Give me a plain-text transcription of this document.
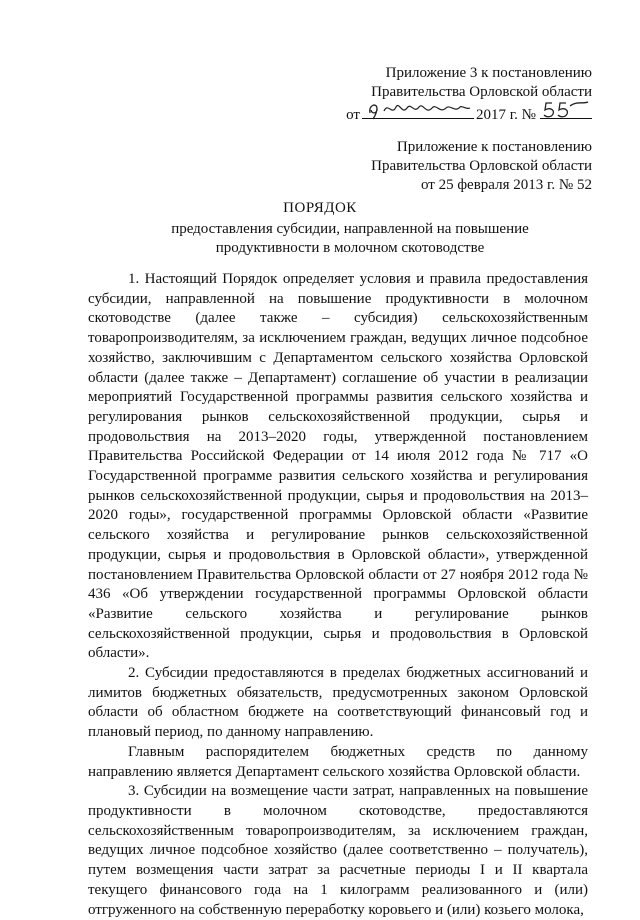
Приложение 3 к постановлению
Правительства Орловской области
от	2017 г. №
Приложение к постановлению
Правительства Орловской области
от 25 февраля 2013 г. № 52
ПОРЯДОК
предоставления субсидии, направленной на повышение продуктивности в молочном скотоводстве

1. Настоящий Порядок определяет условия и правила предоставления субсидии, направленной на повышение продуктивности в молочном скотоводстве (далее также – субсидия) сельскохозяйственным товаропроизводителям, за исключением граждан, ведущих личное подсобное хозяйство, заключившим с Департаментом сельского хозяйства Орловской области (далее также – Департамент) соглашение об участии в реализации мероприятий Государственной программы развития сельского хозяйства и регулирования рынков сельскохозяйственной продукции, сырья и продовольствия на 2013–2020 годы, утвержденной постановлением Правительства Российской Федерации от 14 июля 2012 года № 717 «О Государственной программе развития сельского хозяйства и регулирования рынков сельскохозяйственной продукции, сырья и продовольствия на 2013–2020 годы», государственной программы Орловской области «Развитие сельского хозяйства и регулирование рынков сельскохозяйственной продукции, сырья и продовольствия в Орловской области», утвержденной постановлением Правительства Орловской области от 27 ноября 2012 года № 436 «Об утверждении государственной программы Орловской области «Развитие сельского хозяйства и регулирование рынков сельскохозяйственной продукции, сырья и продовольствия в Орловской области».

2. Субсидии предоставляются в пределах бюджетных ассигнований и лимитов бюджетных обязательств, предусмотренных законом Орловской области об областном бюджете на соответствующий финансовый год и плановый период, по данному направлению.

Главным распорядителем бюджетных средств по данному направлению является Департамент сельского хозяйства Орловской области.

3. Субсидии на возмещение части затрат, направленных на повышение продуктивности в молочном скотоводстве, предоставляются сельскохозяйственным товаропроизводителям, за исключением граждан, ведущих личное подсобное хозяйство (далее соответственно – получатель), путем возмещения части затрат за расчетные периоды I и II квартала текущего финансового года на 1 килограмм реализованного и (или) отгруженного на собственную переработку коровьего и (или) козьего молока,
